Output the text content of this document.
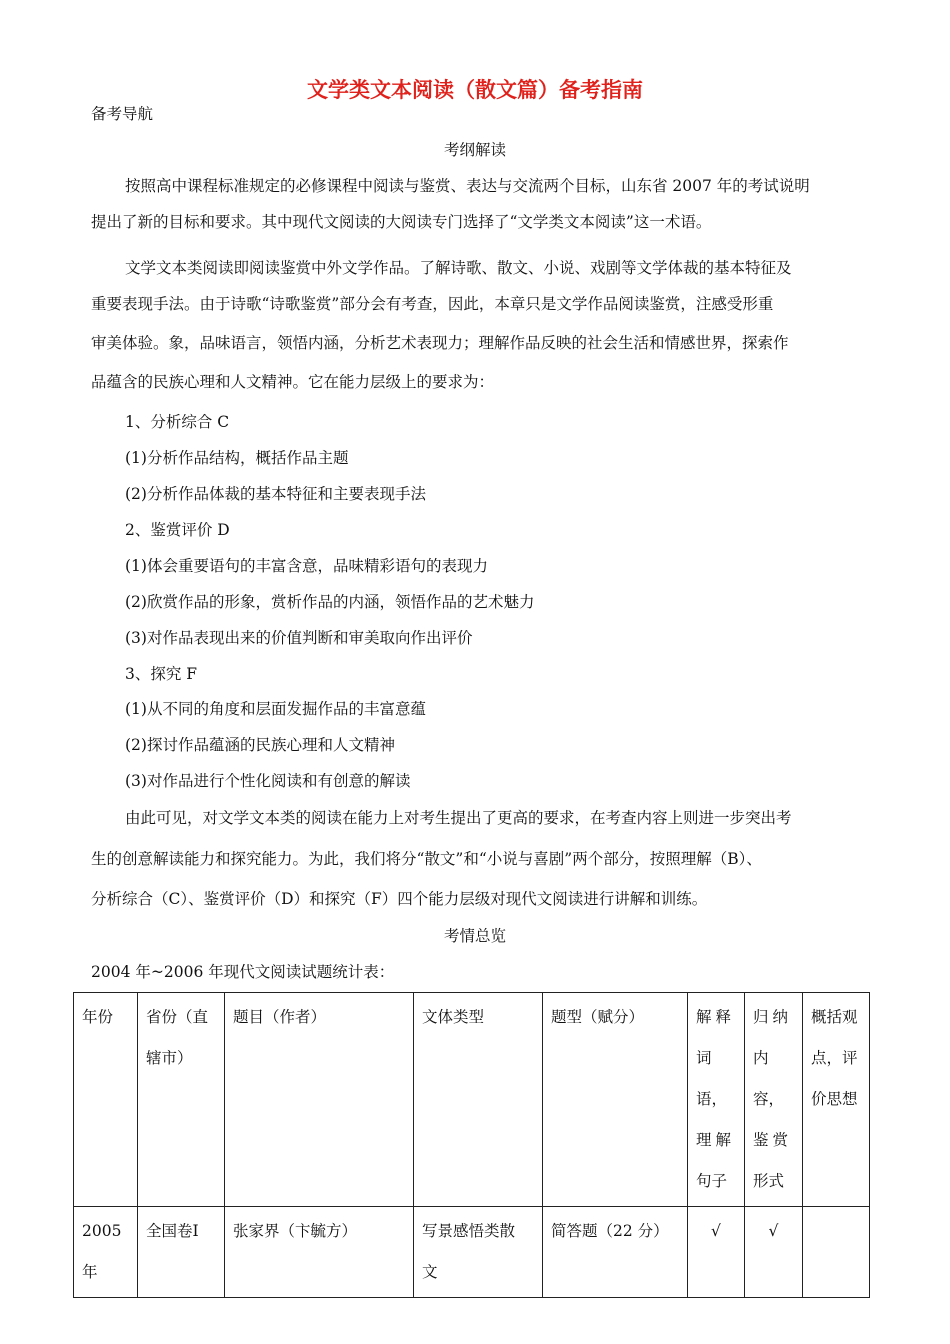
文学类文本阅读（散文篇）备考指南
备考导航
考纲解读
按照高中课程标准规定的必修课程中阅读与鉴赏、表达与交流两个目标，山东省 2007 年的考试说明
提出了新的目标和要求。其中现代文阅读的大阅读专门选择了“文学类文本阅读”这一术语。
文学文本类阅读即阅读鉴赏中外文学作品。了解诗歌、散文、小说、戏剧等文学体裁的基本特征及
重要表现手法。由于诗歌“诗歌鉴赏”部分会有考查，因此，本章只是文学作品阅读鉴赏，注感受形重
审美体验。象，品味语言，领悟内涵，分析艺术表现力；理解作品反映的社会生活和情感世界，探索作
品蕴含的民族心理和人文精神。它在能力层级上的要求为：
1、分析综合 C
(1)分析作品结构，概括作品主题
(2)分析作品体裁的基本特征和主要表现手法
2、鉴赏评价 D
(1)体会重要语句的丰富含意，品味精彩语句的表现力
(2)欣赏作品的形象，赏析作品的内涵，领悟作品的艺术魅力
(3)对作品表现出来的价值判断和审美取向作出评价
3、探究 F
(1)从不同的角度和层面发掘作品的丰富意蕴
(2)探讨作品蕴涵的民族心理和人文精神
(3)对作品进行个性化阅读和有创意的解读
由此可见，对文学文本类的阅读在能力上对考生提出了更高的要求，在考查内容上则进一步突出考
生的创意解读能力和探究能力。为此，我们将分“散文”和“小说与喜剧”两个部分，按照理解（B）、
分析综合（C）、鉴赏评价（D）和探究（F）四个能力层级对现代文阅读进行讲解和训练。
考情总览
2004 年~2006 年现代文阅读试题统计表：
年份	省份（直
辖市）	题目（作者）	文体类型	题型（赋分）	解释
词
语，
理解
句子	归纳
内
容，
鉴赏
形式	概括观
点，评
价思想
2005
年	全国卷Ⅰ	张家界（卞毓方）	写景感悟类散
文	简答题（22 分）	√	√	
